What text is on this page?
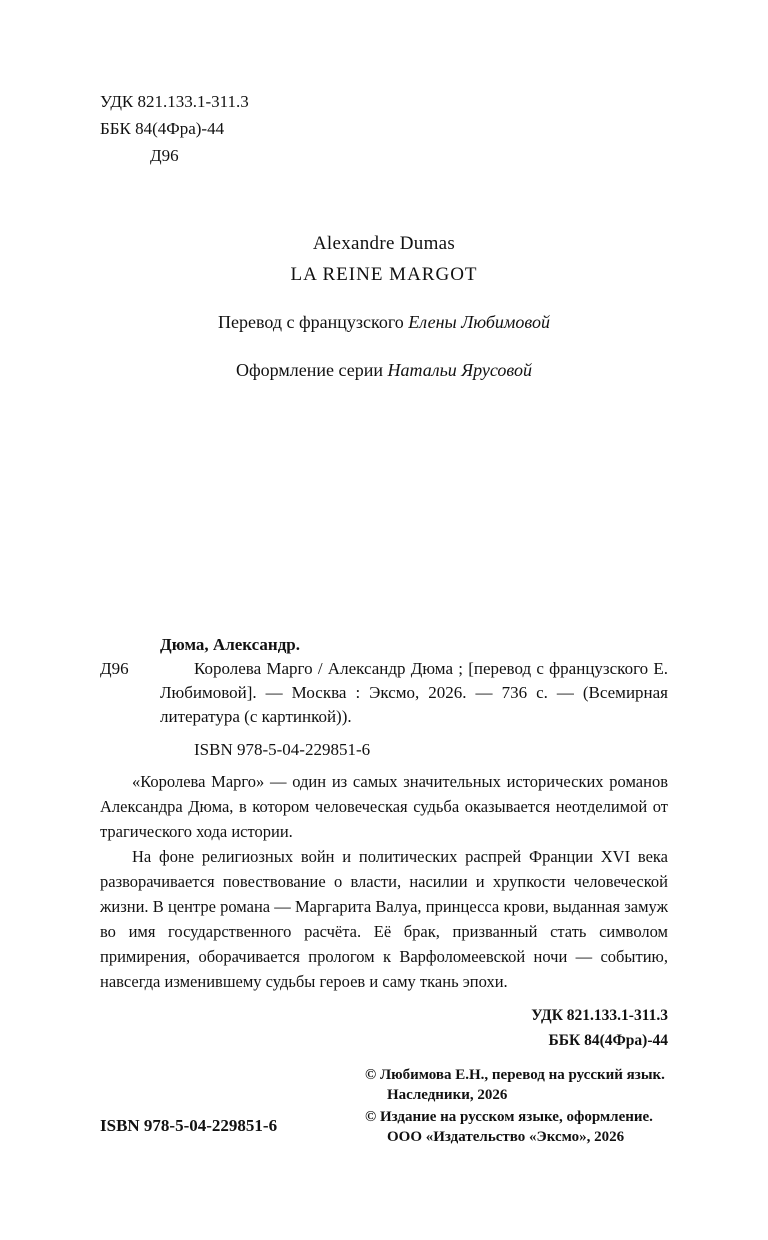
УДК 821.133.1-311.3
ББК 84(4Фра)-44
Д96
Alexandre Dumas
LA REINE MARGOT
Перевод с французского Елены Любимовой
Оформление серии Натальи Ярусовой
Дюма, Александр.
Д96	Королева Марго / Александр Дюма ; [перевод с французского Е. Любимовой]. — Москва : Эксмо, 2026. — 736 с. — (Всемирная литература (с картинкой)).
ISBN 978-5-04-229851-6

«Королева Марго» — один из самых значительных исторических романов Александра Дюма, в котором человеческая судьба оказывается неотделимой от трагического хода истории.

На фоне религиозных войн и политических распрей Франции XVI века разворачивается повествование о власти, насилии и хрупкости человеческой жизни. В центре романа — Маргарита Валуа, принцесса крови, выданная замуж во имя государственного расчёта. Её брак, призванный стать символом примирения, оборачивается прологом к Варфоломеевской ночи — событию, навсегда изменившему судьбы героев и саму ткань эпохи.

УДК 821.133.1-311.3
ББК 84(4Фра)-44
ISBN 978-5-04-229851-6
© Любимова Е.Н., перевод на русский язык.
Наследники, 2026
© Издание на русском языке, оформление.
ООО «Издательство «Эксмо», 2026
